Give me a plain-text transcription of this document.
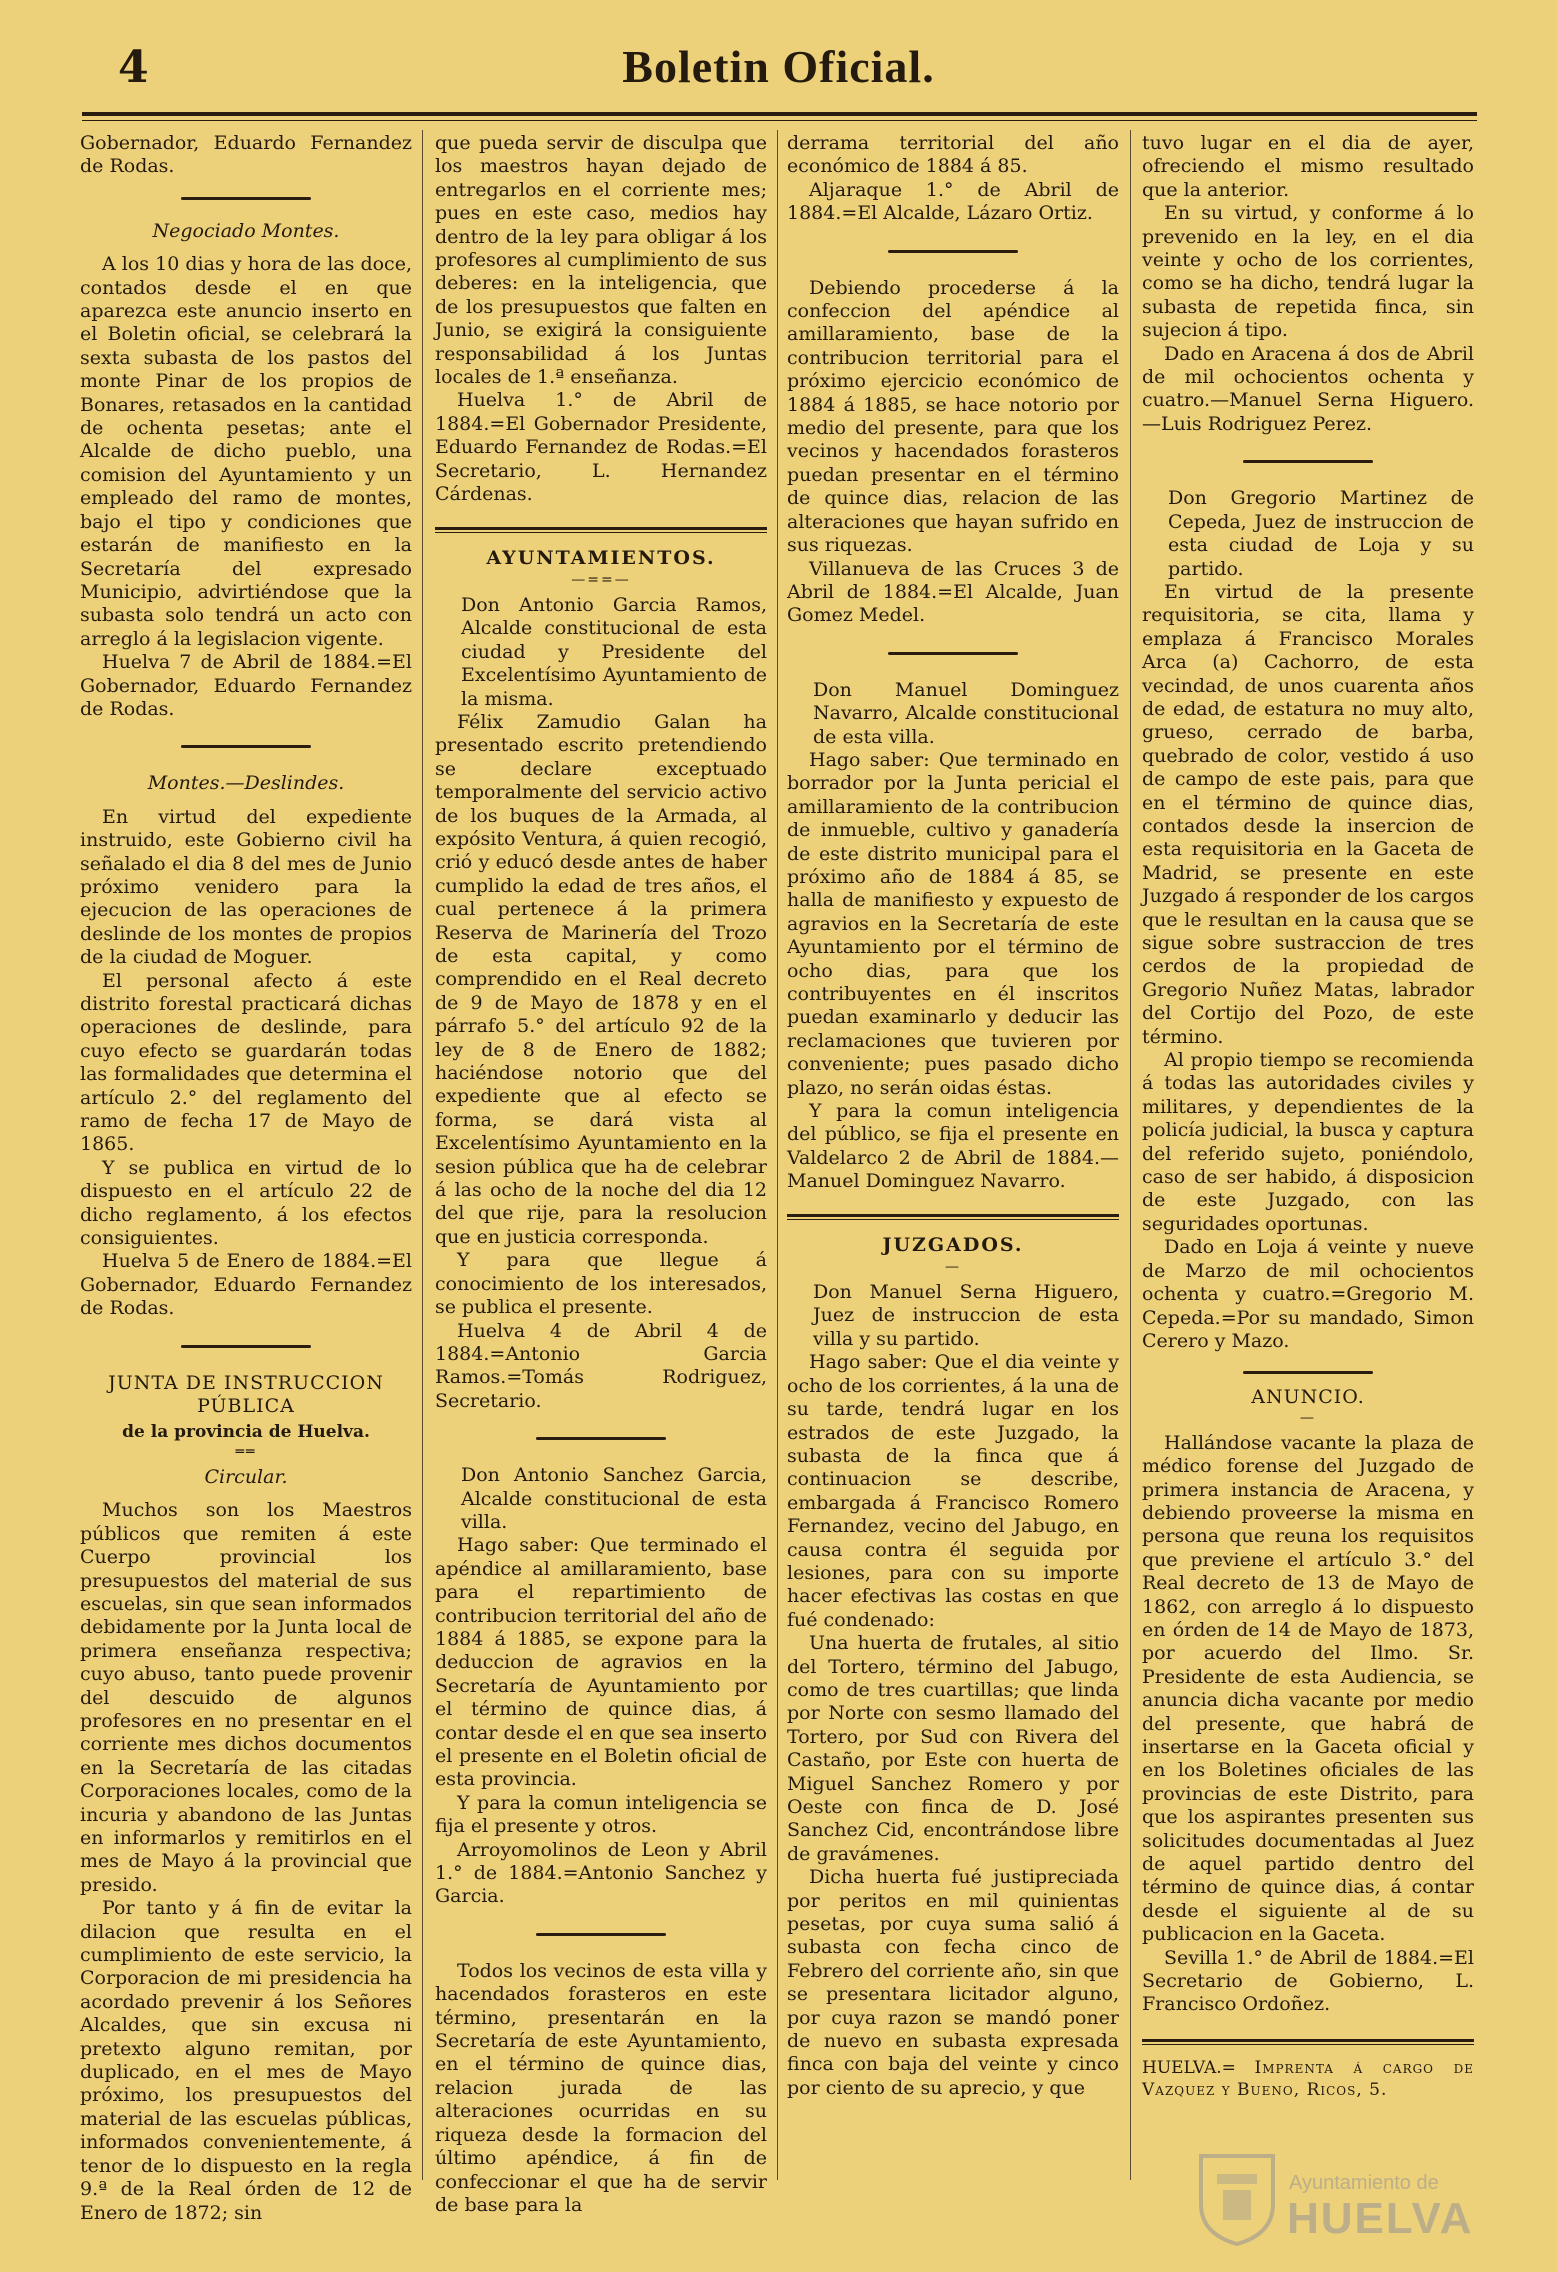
4	Boletin Oficial.

Gobernador, Eduardo Fernandez de Rodas.

Negociado Montes.

A los 10 dias y hora de las doce, contados desde el en que aparezca este anuncio inserto en el Boletin oficial, se celebrará la sexta subasta de los pastos del monte Pinar de los propios de Bonares, retasados en la cantidad de ochenta pesetas; ante el Alcalde de dicho pueblo, una comision del Ayuntamiento y un empleado del ramo de montes, bajo el tipo y condiciones que estarán de manifiesto en la Secretaría del expresado Municipio, advirtiéndose que la subasta solo tendrá un acto con arreglo á la legislacion vigente.

Huelva 7 de Abril de 1884.=El Gobernador, Eduardo Fernandez de Rodas.

Montes.—Deslindes.

En virtud del expediente instruido, este Gobierno civil ha señalado el dia 8 del mes de Junio próximo venidero para la ejecucion de las operaciones de deslinde de los montes de propios de la ciudad de Moguer.

El personal afecto á este distrito forestal practicará dichas operaciones de deslinde, para cuyo efecto se guardarán todas las formalidades que determina el artículo 2.° del reglamento del ramo de fecha 17 de Mayo de 1865.

Y se publica en virtud de lo dispuesto en el artículo 22 de dicho reglamento, á los efectos consiguientes.

Huelva 5 de Enero de 1884.=El Gobernador, Eduardo Fernandez de Rodas.

JUNTA DE INSTRUCCION PÚBLICA
de la provincia de Huelva.
══

Circular.

Muchos son los Maestros públicos que remiten á este Cuerpo provincial los presupuestos del material de sus escuelas, sin que sean informados debidamente por la Junta local de primera enseñanza respectiva; cuyo abuso, tanto puede provenir del descuido de algunos profesores en no presentar en el corriente mes dichos documentos en la Secretaría de las citadas Corporaciones locales, como de la incuria y abandono de las Juntas en informarlos y remitirlos en el mes de Mayo á la provincial que presido.

Por tanto y á fin de evitar la dilacion que resulta en el cumplimiento de este servicio, la Corporacion de mi presidencia ha acordado prevenir á los Señores Alcaldes, que sin excusa ni pretexto alguno remitan, por duplicado, en el mes de Mayo próximo, los presupuestos del material de las escuelas públicas, informados convenientemente, á tenor de lo dispuesto en la regla 9.ª de la Real órden de 12 de Enero de 1872; sin

que pueda servir de disculpa que los maestros hayan dejado de entregarlos en el corriente mes; pues en este caso, medios hay dentro de la ley para obligar á los profesores al cumplimiento de sus deberes: en la inteligencia, que de los presupuestos que falten en Junio, se exigirá la consiguiente responsabilidad á los Juntas locales de 1.ª enseñanza.

Huelva 1.° de Abril de 1884.=El Gobernador Presidente, Eduardo Fernandez de Rodas.=El Secretario, L. Hernandez Cárdenas.

AYUNTAMIENTOS.
—==—

Don Antonio Garcia Ramos, Alcalde constitucional de esta ciudad y Presidente del Excelentísimo Ayuntamiento de la misma.

Félix Zamudio Galan ha presentado escrito pretendiendo se declare exceptuado temporalmente del servicio activo de los buques de la Armada, al expósito Ventura, á quien recogió, crió y educó desde antes de haber cumplido la edad de tres años, el cual pertenece á la primera Reserva de Marinería del Trozo de esta capital, y como comprendido en el Real decreto de 9 de Mayo de 1878 y en el párrafo 5.° del artículo 92 de la ley de 8 de Enero de 1882; haciéndose notorio que del expediente que al efecto se forma, se dará vista al Excelentísimo Ayuntamiento en la sesion pública que ha de celebrar á las ocho de la noche del dia 12 del que rije, para la resolucion que en justicia corresponda.

Y para que llegue á conocimiento de los interesados, se publica el presente.

Huelva 4 de Abril 4 de 1884.=Antonio Garcia Ramos.=Tomás Rodriguez, Secretario.

Don Antonio Sanchez Garcia, Alcalde constitucional de esta villa.

Hago saber: Que terminado el apéndice al amillaramiento, base para el repartimiento de contribucion territorial del año de 1884 á 1885, se expone para la deduccion de agravios en la Secretaría de Ayuntamiento por el término de quince dias, á contar desde el en que sea inserto el presente en el Boletin oficial de esta provincia.

Y para la comun inteligencia se fija el presente y otros.

Arroyomolinos de Leon y Abril 1.° de 1884.=Antonio Sanchez y Garcia.

Todos los vecinos de esta villa y hacendados forasteros en este término, presentarán en la Secretaría de este Ayuntamiento, en el término de quince dias, relacion jurada de las alteraciones ocurridas en su riqueza desde la formacion del último apéndice, á fin de confeccionar el que ha de servir de base para la

derrama territorial del año económico de 1884 á 85.

Aljaraque 1.° de Abril de 1884.=El Alcalde, Lázaro Ortiz.

Debiendo procederse á la confeccion del apéndice al amillaramiento, base de la contribucion territorial para el próximo ejercicio económico de 1884 á 1885, se hace notorio por medio del presente, para que los vecinos y hacendados forasteros puedan presentar en el término de quince dias, relacion de las alteraciones que hayan sufrido en sus riquezas.

Villanueva de las Cruces 3 de Abril de 1884.=El Alcalde, Juan Gomez Medel.

Don Manuel Dominguez Navarro, Alcalde constitucional de esta villa.

Hago saber: Que terminado en borrador por la Junta pericial el amillaramiento de la contribucion de inmueble, cultivo y ganadería de este distrito municipal para el próximo año de 1884 á 85, se halla de manifiesto y expuesto de agravios en la Secretaría de este Ayuntamiento por el término de ocho dias, para que los contribuyentes en él inscritos puedan examinarlo y deducir las reclamaciones que tuvieren por conveniente; pues pasado dicho plazo, no serán oidas éstas.

Y para la comun inteligencia del público, se fija el presente en Valdelarco 2 de Abril de 1884.—Manuel Dominguez Navarro.

JUZGADOS.
—

Don Manuel Serna Higuero, Juez de instruccion de esta villa y su partido.

Hago saber: Que el dia veinte y ocho de los corrientes, á la una de su tarde, tendrá lugar en los estrados de este Juzgado, la subasta de la finca que á continuacion se describe, embargada á Francisco Romero Fernandez, vecino del Jabugo, en causa contra él seguida por lesiones, para con su importe hacer efectivas las costas en que fué condenado:

Una huerta de frutales, al sitio del Tortero, término del Jabugo, como de tres cuartillas; que linda por Norte con sesmo llamado del Tortero, por Sud con Rivera del Castaño, por Este con huerta de Miguel Sanchez Romero y por Oeste con finca de D. José Sanchez Cid, encontrándose libre de gravámenes.

Dicha huerta fué justipreciada por peritos en mil quinientas pesetas, por cuya suma salió á subasta con fecha cinco de Febrero del corriente año, sin que se presentara licitador alguno, por cuya razon se mandó poner de nuevo en subasta expresada finca con baja del veinte y cinco por ciento de su aprecio, y que

tuvo lugar en el dia de ayer, ofreciendo el mismo resultado que la anterior.

En su virtud, y conforme á lo prevenido en la ley, en el dia veinte y ocho de los corrientes, como se ha dicho, tendrá lugar la subasta de repetida finca, sin sujecion á tipo.

Dado en Aracena á dos de Abril de mil ochocientos ochenta y cuatro.—Manuel Serna Higuero.—Luis Rodriguez Perez.

Don Gregorio Martinez de Cepeda, Juez de instruccion de esta ciudad de Loja y su partido.

En virtud de la presente requisitoria, se cita, llama y emplaza á Francisco Morales Arca (a) Cachorro, de esta vecindad, de unos cuarenta años de edad, de estatura no muy alto, grueso, cerrado de barba, quebrado de color, vestido á uso de campo de este pais, para que en el término de quince dias, contados desde la insercion de esta requisitoria en la Gaceta de Madrid, se presente en este Juzgado á responder de los cargos que le resultan en la causa que se sigue sobre sustraccion de tres cerdos de la propiedad de Gregorio Nuñez Matas, labrador del Cortijo del Pozo, de este término.

Al propio tiempo se recomienda á todas las autoridades civiles y militares, y dependientes de la policía judicial, la busca y captura del referido sujeto, poniéndolo, caso de ser habido, á disposicion de este Juzgado, con las seguridades oportunas.

Dado en Loja á veinte y nueve de Marzo de mil ochocientos ochenta y cuatro.=Gregorio M. Cepeda.=Por su mandado, Simon Cerero y Mazo.

ANUNCIO.
—

Hallándose vacante la plaza de médico forense del Juzgado de primera instancia de Aracena, y debiendo proveerse la misma en persona que reuna los requisitos que previene el artículo 3.° del Real decreto de 13 de Mayo de 1862, con arreglo á lo dispuesto en órden de 14 de Mayo de 1873, por acuerdo del Ilmo. Sr. Presidente de esta Audiencia, se anuncia dicha vacante por medio del presente, que habrá de insertarse en la Gaceta oficial y en los Boletines oficiales de las provincias de este Distrito, para que los aspirantes presenten sus solicitudes documentadas al Juez de aquel partido dentro del término de quince dias, á contar desde el siguiente al de su publicacion en la Gaceta.

Sevilla 1.° de Abril de 1884.=El Secretario de Gobierno, L. Francisco Ordoñez.

HUELVA.= Imprenta á cargo de Vazquez y Bueno, Ricos, 5.

Ayuntamiento de
HUELVA
